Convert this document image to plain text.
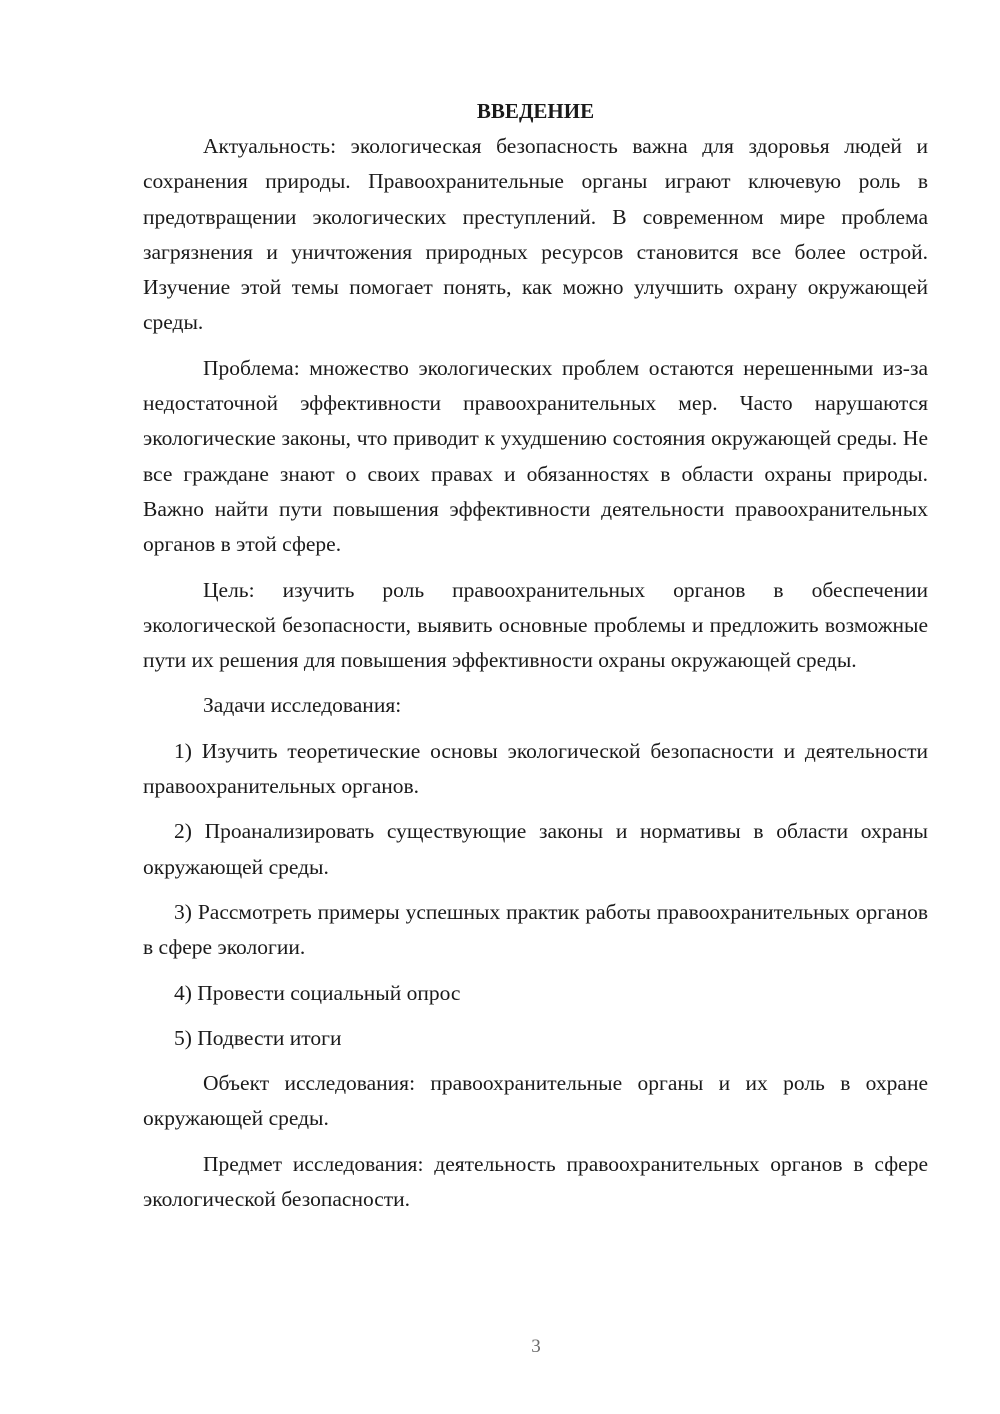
ВВЕДЕНИЕ

Актуальность: экологическая безопасность важна для здоровья людей и сохранения природы. Правоохранительные органы играют ключевую роль в предотвращении экологических преступлений. В современном мире проблема загрязнения и уничтожения природных ресурсов становится все более острой. Изучение этой темы помогает понять, как можно улучшить охрану окружающей среды.

Проблема: множество экологических проблем остаются нерешенными из-за недостаточной эффективности правоохранительных мер. Часто нарушаются экологические законы, что приводит к ухудшению состояния окружающей среды. Не все граждане знают о своих правах и обязанностях в области охраны природы. Важно найти пути повышения эффективности деятельности правоохранительных органов в этой сфере.

Цель: изучить роль правоохранительных органов в обеспечении экологической безопасности, выявить основные проблемы и предложить возможные пути их решения для повышения эффективности охраны окружающей среды.

Задачи исследования:

1) Изучить теоретические основы экологической безопасности и деятельности правоохранительных органов.

2) Проанализировать существующие законы и нормативы в области охраны окружающей среды.

3) Рассмотреть примеры успешных практик работы правоохранительных органов в сфере экологии.

4) Провести социальный опрос

5) Подвести итоги

Объект исследования: правоохранительные органы и их роль в охране окружающей среды.

Предмет исследования: деятельность правоохранительных органов в сфере экологической безопасности.

3
